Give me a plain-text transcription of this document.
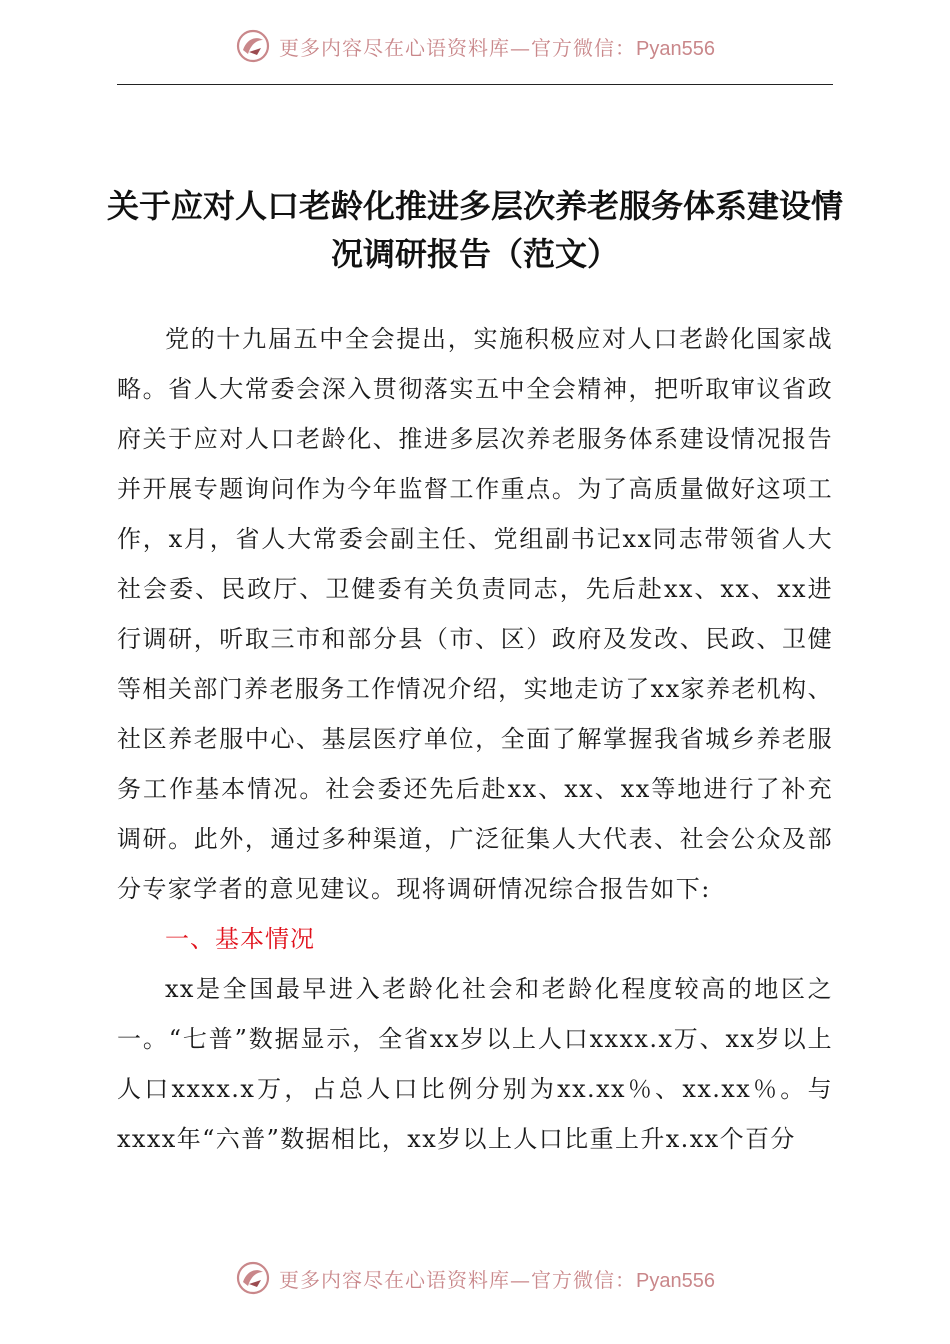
更多内容尽在心语资料库—官方微信：Pyan556
关于应对人口老龄化推进多层次养老服务体系建设情况调研报告（范文）

党的十九届五中全会提出，实施积极应对人口老龄化国家战略。省人大常委会深入贯彻落实五中全会精神，把听取审议省政府关于应对人口老龄化、推进多层次养老服务体系建设情况报告并开展专题询问作为今年监督工作重点。为了高质量做好这项工作，x月，省人大常委会副主任、党组副书记xx同志带领省人大社会委、民政厅、卫健委有关负责同志，先后赴xx、xx、xx进行调研，听取三市和部分县（市、区）政府及发改、民政、卫健等相关部门养老服务工作情况介绍，实地走访了xx家养老机构、社区养老服中心、基层医疗单位，全面了解掌握我省城乡养老服务工作基本情况。社会委还先后赴xx、xx、xx等地进行了补充调研。此外，通过多种渠道，广泛征集人大代表、社会公众及部分专家学者的意见建议。现将调研情况综合报告如下:

一、基本情况

xx是全国最早进入老龄化社会和老龄化程度较高的地区之一。“七普”数据显示，全省xx岁以上人口xxxx.x万、xx岁以上人口xxxx.x万，占总人口比例分别为xx.xx％、xx.xx％。与xxxx年“六普”数据相比，xx岁以上人口比重上升x.xx个百分

更多内容尽在心语资料库—官方微信：Pyan556
